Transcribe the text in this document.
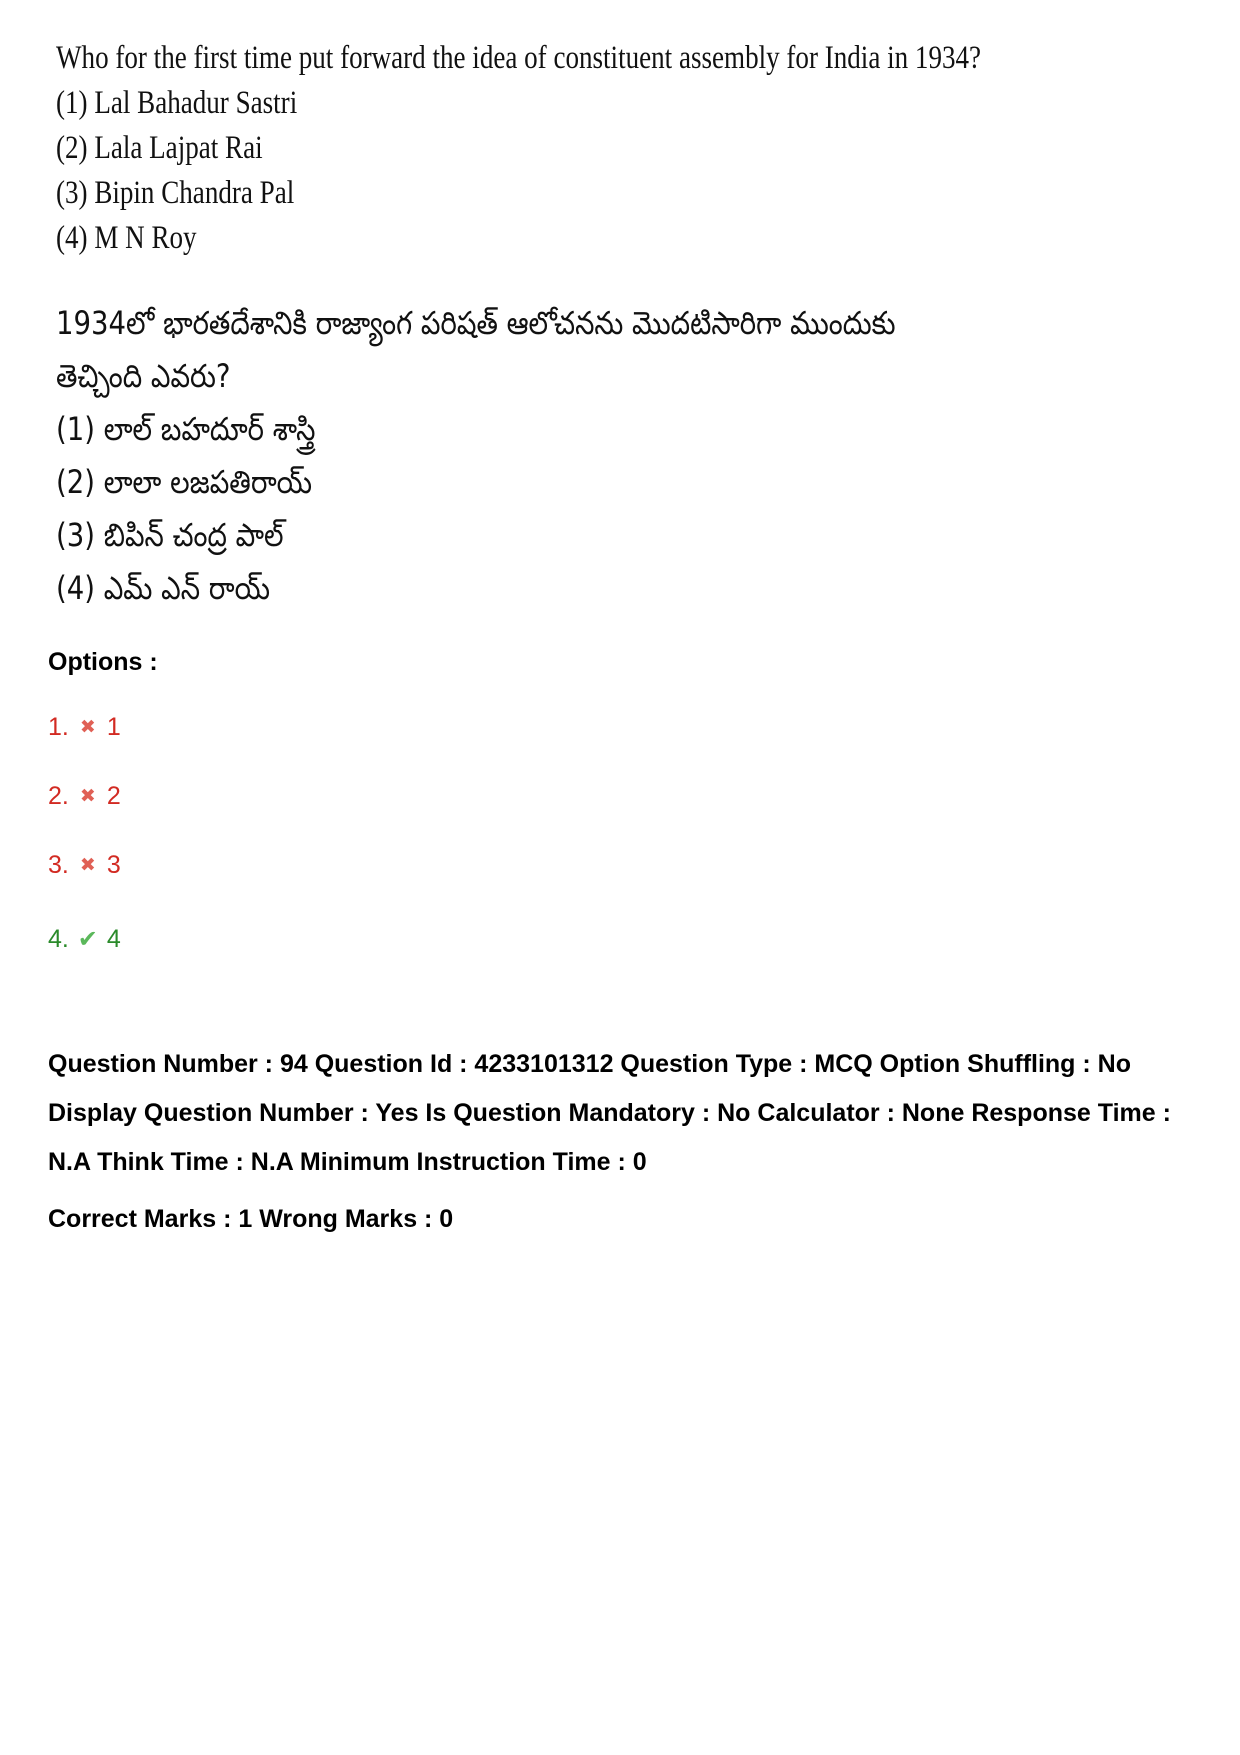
Who for the first time put forward the idea of constituent assembly for India in 1934?
(1) Lal Bahadur Sastri
(2) Lala Lajpat Rai
(3) Bipin Chandra Pal
(4) M N Roy
1934లో భారతదేశానికి రాజ్యాంగ పరిషత్ ఆలోచనను మొదటిసారిగా ముందుకు
తెచ్చింది ఎవరు?
(1) లాల్ బహదూర్ శాస్త్రి
(2) లాలా లజపతిరాయ్
(3) బిపిన్ చంద్ర పాల్
(4) ఎమ్ ఎన్ రాయ్
Options :
1. ✖ 1
2. ✖ 2
3. ✖ 3
4. ✔ 4
Question Number : 94 Question Id : 4233101312 Question Type : MCQ Option Shuffling : No Display Question Number : Yes Is Question Mandatory : No Calculator : None Response Time : N.A Think Time : N.A Minimum Instruction Time : 0
Correct Marks : 1 Wrong Marks : 0
